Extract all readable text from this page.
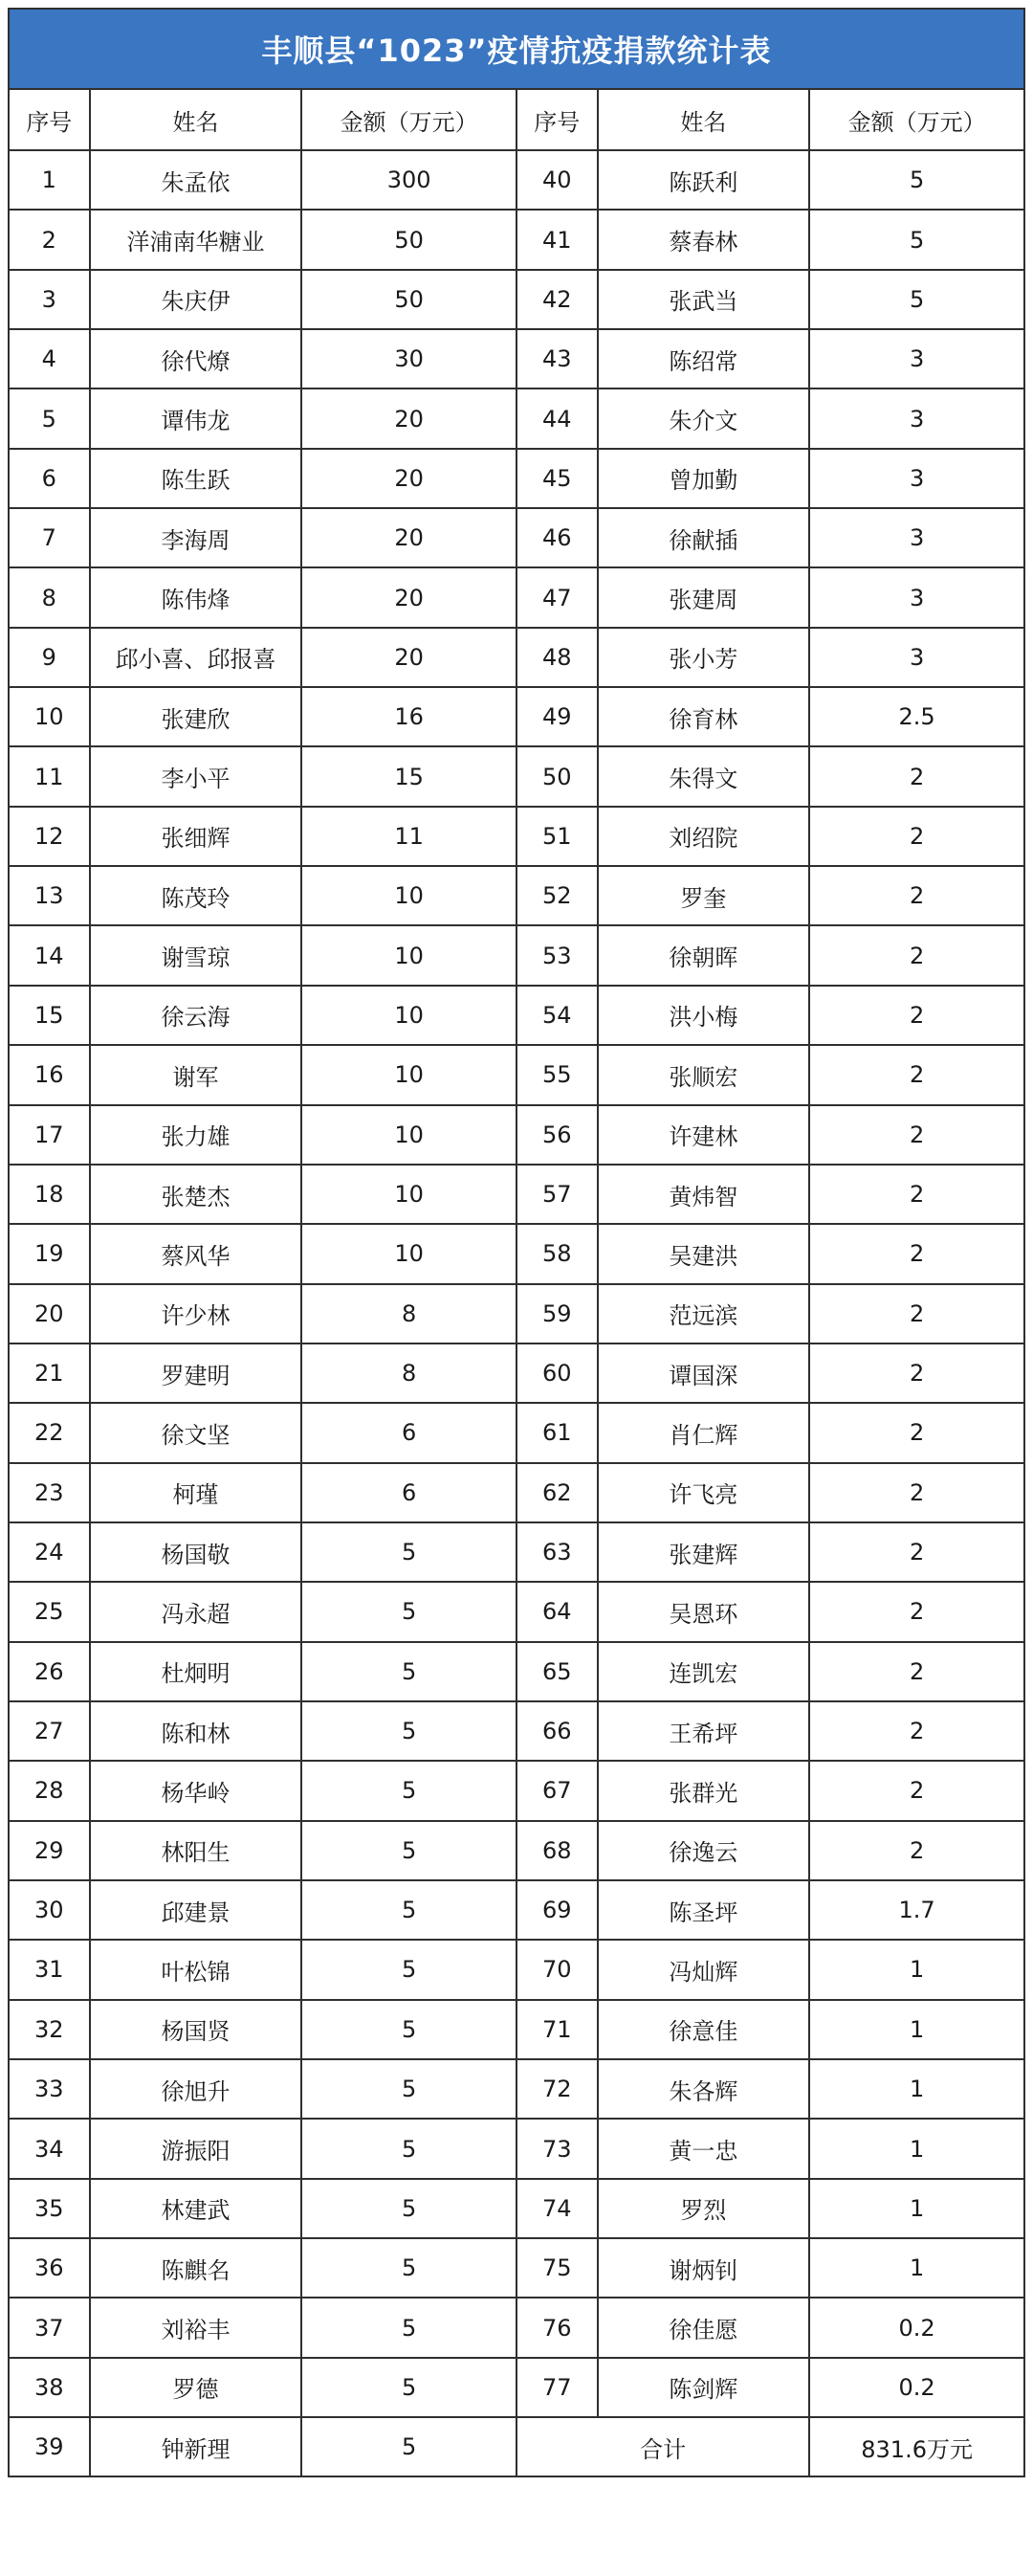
丰顺县“1023”疫情抗疫捐款统计表
序号	姓名	金额（万元）	序号	姓名	金额（万元）
1	朱孟依	300	40	陈跃利	5
2	洋浦南华糖业	50	41	蔡春林	5
3	朱庆伊	50	42	张武当	5
4	徐代燎	30	43	陈绍常	3
5	谭伟龙	20	44	朱介文	3
6	陈生跃	20	45	曾加勤	3
7	李海周	20	46	徐献插	3
8	陈伟烽	20	47	张建周	3
9	邱小喜、邱报喜	20	48	张小芳	3
10	张建欣	16	49	徐育林	2.5
11	李小平	15	50	朱得文	2
12	张细辉	11	51	刘绍院	2
13	陈茂玲	10	52	罗奎	2
14	谢雪琼	10	53	徐朝晖	2
15	徐云海	10	54	洪小梅	2
16	谢军	10	55	张顺宏	2
17	张力雄	10	56	许建林	2
18	张楚杰	10	57	黄炜智	2
19	蔡风华	10	58	吴建洪	2
20	许少林	8	59	范远滨	2
21	罗建明	8	60	谭国深	2
22	徐文坚	6	61	肖仁辉	2
23	柯瑾	6	62	许飞亮	2
24	杨国敬	5	63	张建辉	2
25	冯永超	5	64	吴恩环	2
26	杜炯明	5	65	连凯宏	2
27	陈和林	5	66	王希坪	2
28	杨华岭	5	67	张群光	2
29	林阳生	5	68	徐逸云	2
30	邱建景	5	69	陈圣坪	1.7
31	叶松锦	5	70	冯灿辉	1
32	杨国贤	5	71	徐意佳	1
33	徐旭升	5	72	朱各辉	1
34	游振阳	5	73	黄一忠	1
35	林建武	5	74	罗烈	1
36	陈麒名	5	75	谢炳钊	1
37	刘裕丰	5	76	徐佳愿	0.2
38	罗德	5	77	陈剑辉	0.2
39	钟新理	5	合计		831.6万元
